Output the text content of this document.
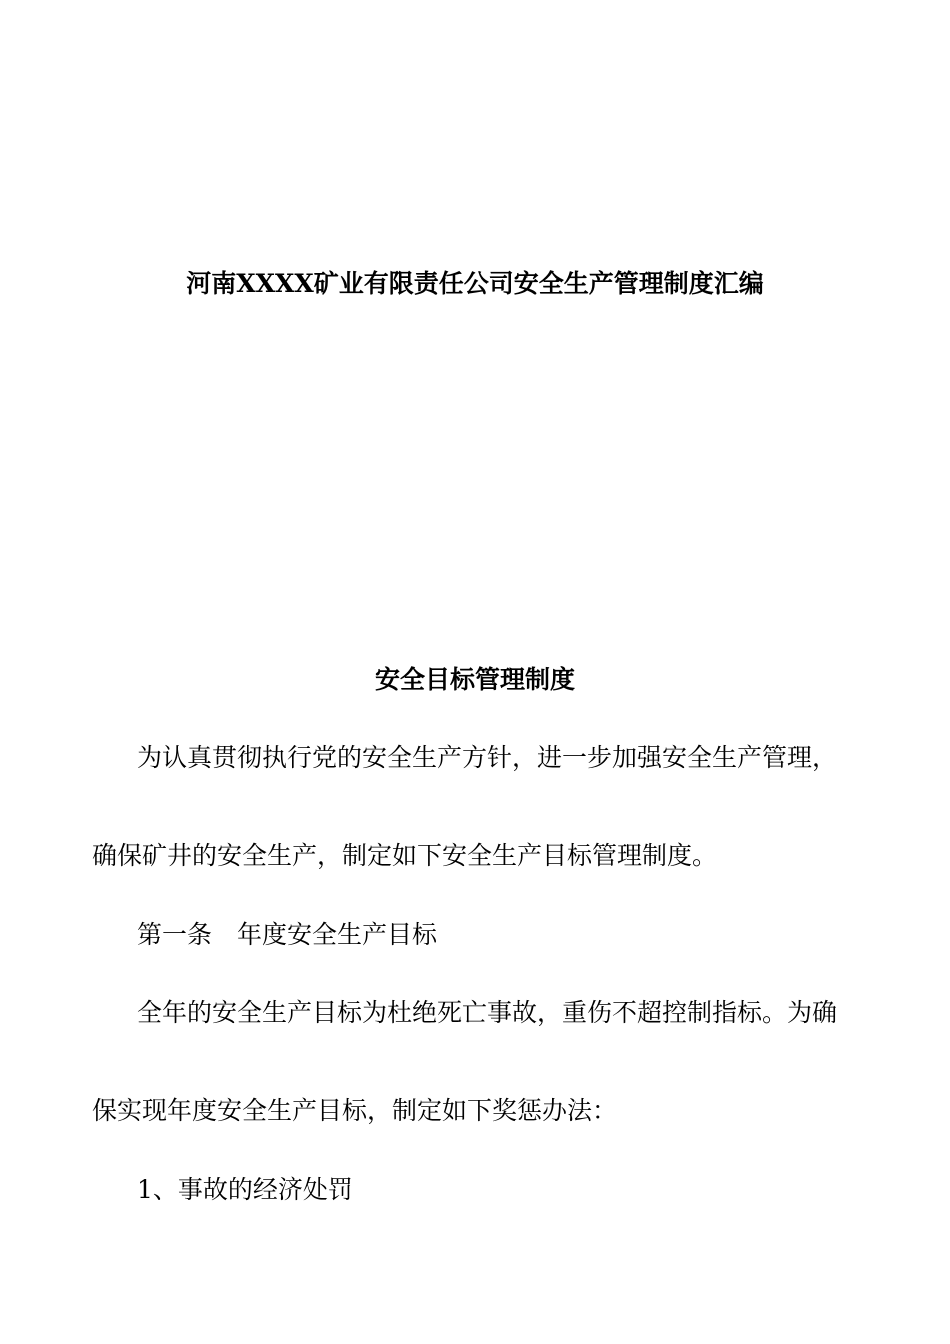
河南XXXX矿业有限责任公司安全生产管理制度汇编
安全目标管理制度

为认真贯彻执行党的安全生产方针，进一步加强安全生产管理，

确保矿井的安全生产，制定如下安全生产目标管理制度。

第一条　年度安全生产目标

全年的安全生产目标为杜绝死亡事故，重伤不超控制指标。为确

保实现年度安全生产目标，制定如下奖惩办法：

1、事故的经济处罚
